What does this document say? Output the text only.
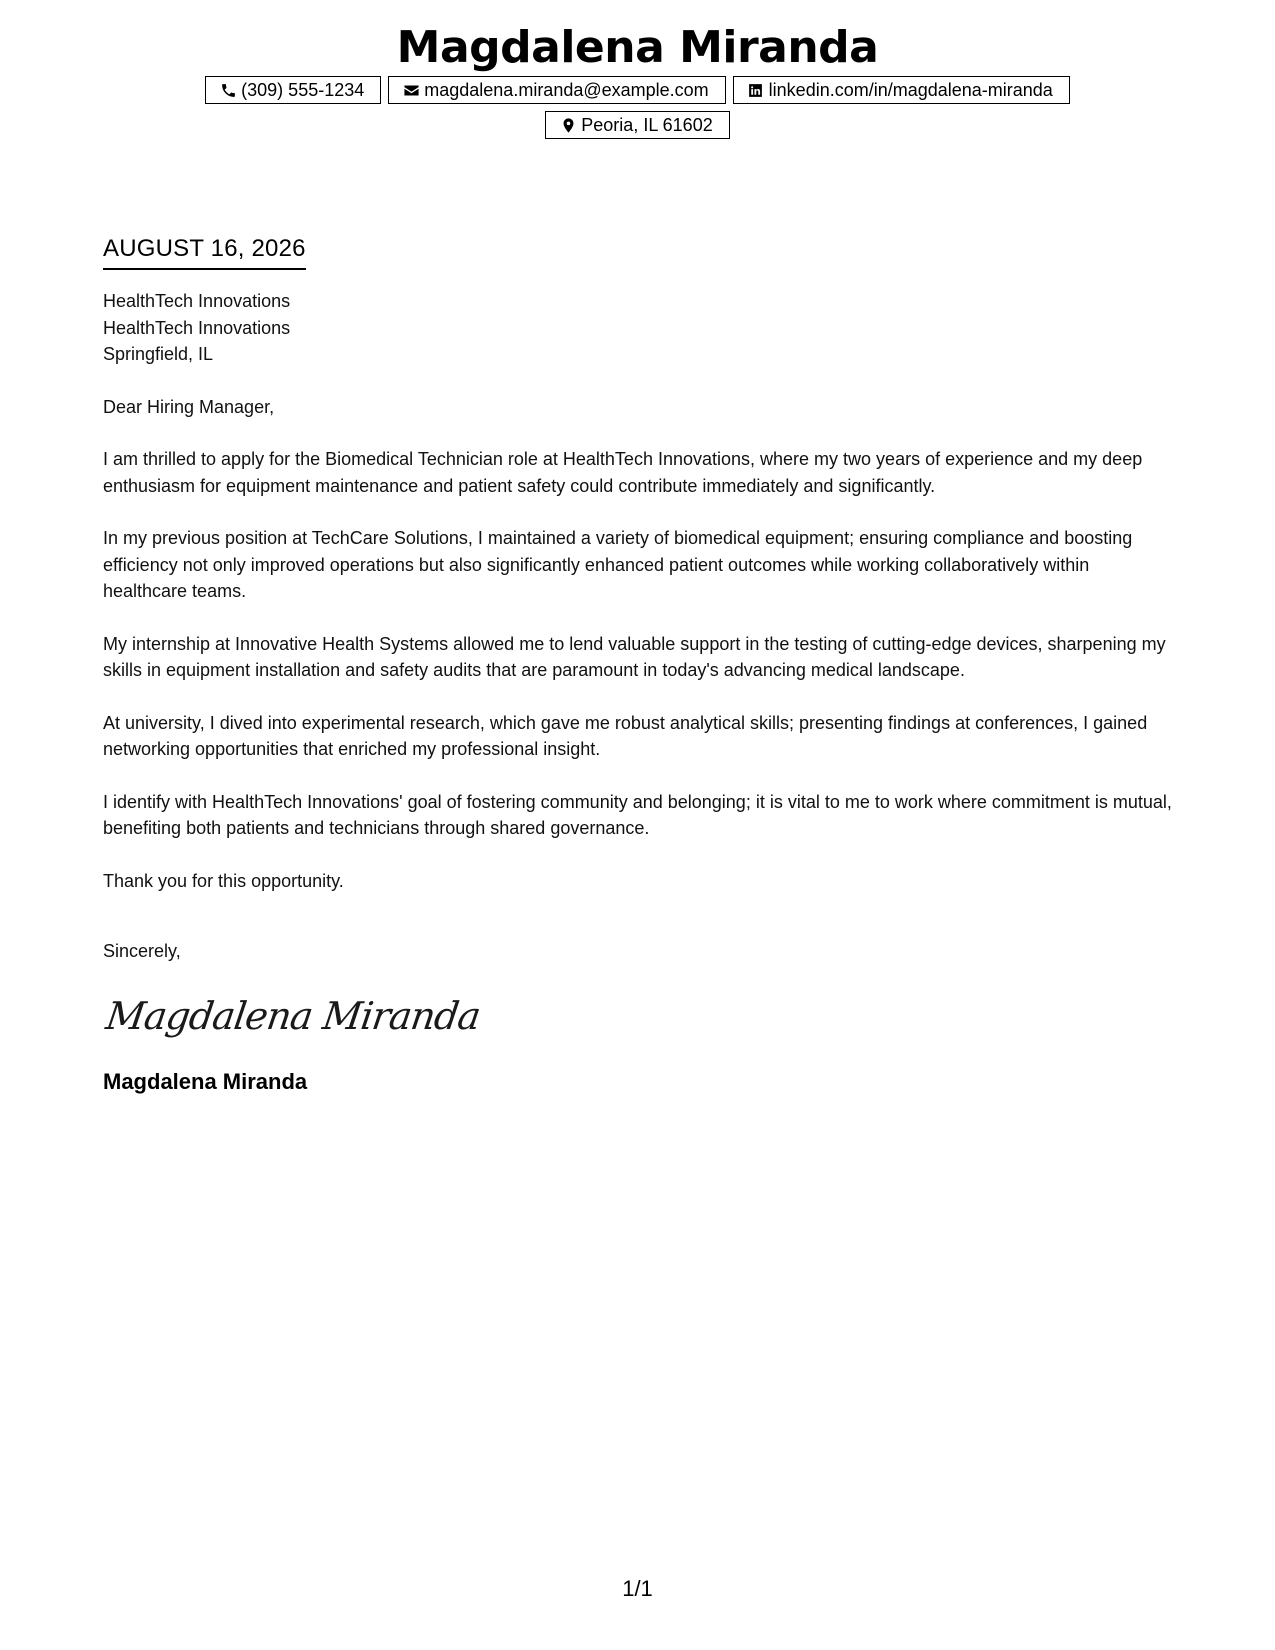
Magdalena Miranda
(309) 555-1234	magdalena.miranda@example.com	linkedin.com/in/magdalena-miranda
Peoria, IL 61602
AUGUST 16, 2026
HealthTech Innovations
HealthTech Innovations
Springfield, IL
Dear Hiring Manager,

I am thrilled to apply for the Biomedical Technician role at HealthTech Innovations, where my two years of experience and my deep enthusiasm for equipment maintenance and patient safety could contribute immediately and significantly.

In my previous position at TechCare Solutions, I maintained a variety of biomedical equipment; ensuring compliance and boosting efficiency not only improved operations but also significantly enhanced patient outcomes while working collaboratively within healthcare teams.

My internship at Innovative Health Systems allowed me to lend valuable support in the testing of cutting-edge devices, sharpening my skills in equipment installation and safety audits that are paramount in today's advancing medical landscape.

At university, I dived into experimental research, which gave me robust analytical skills; presenting findings at conferences, I gained networking opportunities that enriched my professional insight.

I identify with HealthTech Innovations' goal of fostering community and belonging; it is vital to me to work where commitment is mutual, benefiting both patients and technicians through shared governance.

Thank you for this opportunity.

Sincerely,
Magdalena Miranda
Magdalena Miranda
1/1
